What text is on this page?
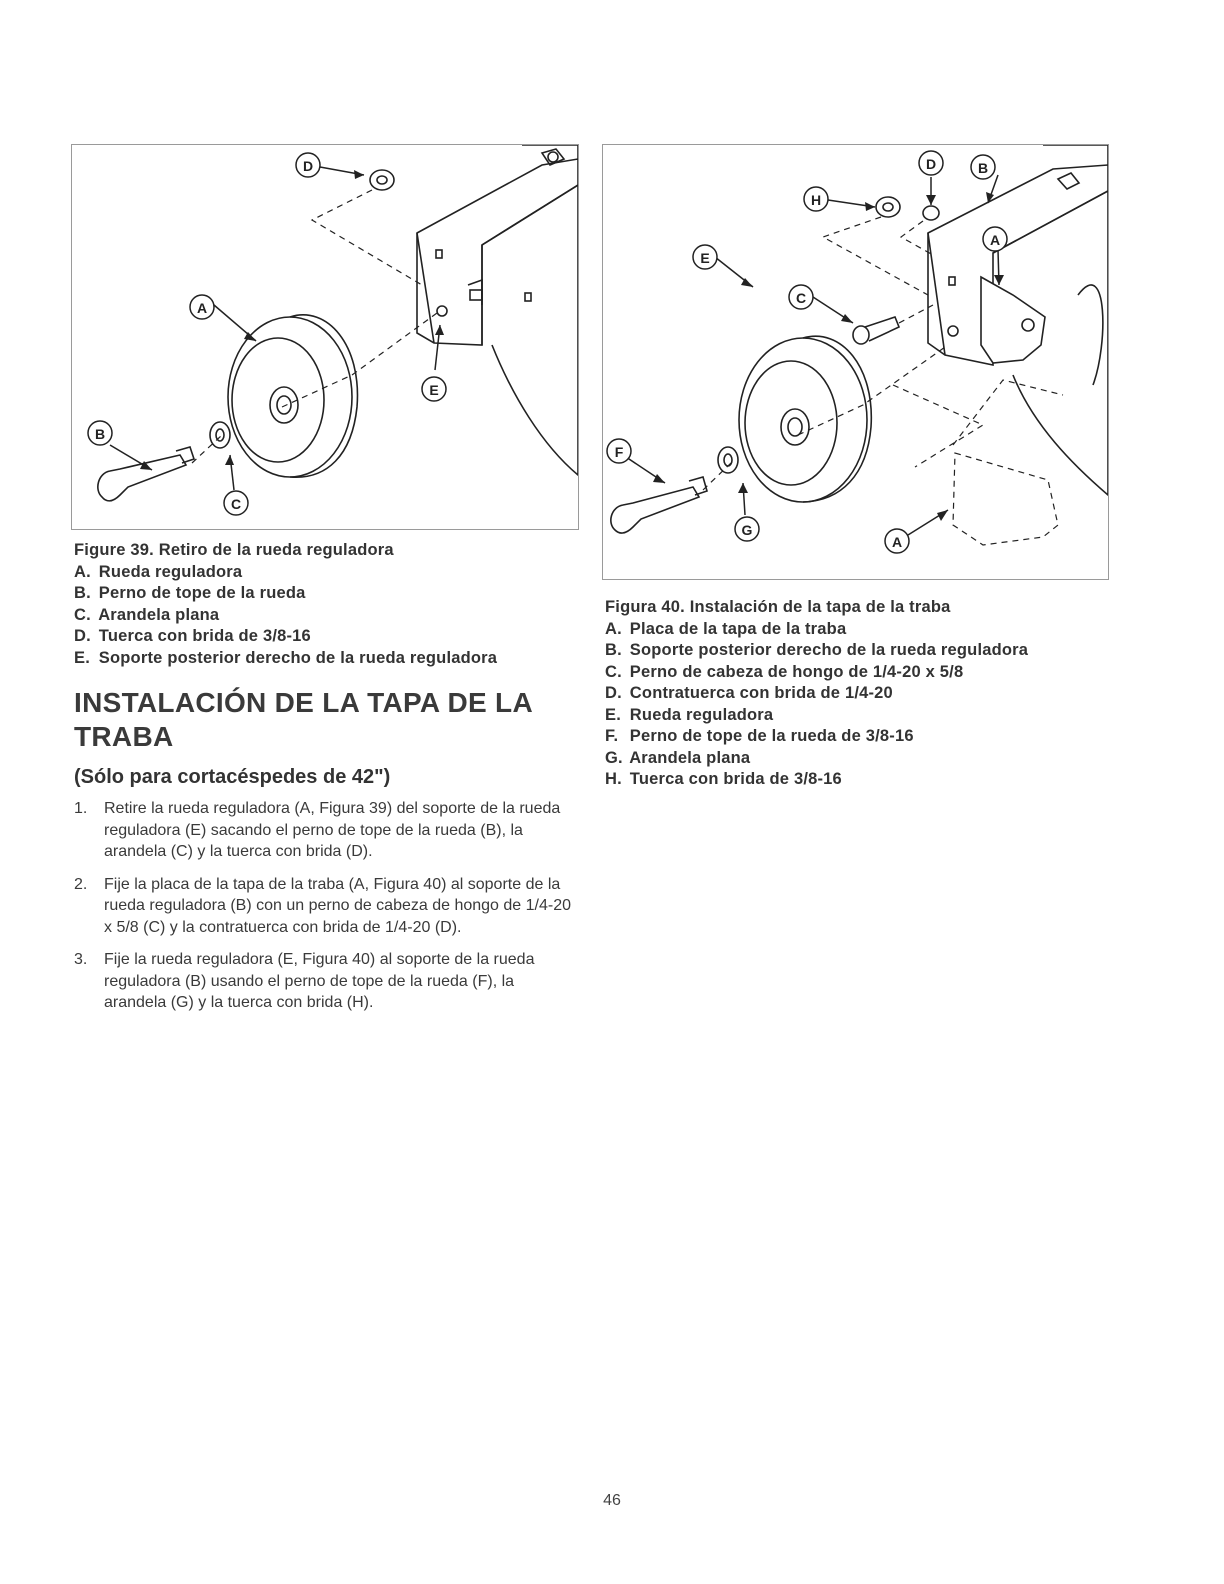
D
A
E
B
C
Figure 39. Retiro de la rueda reguladora
A. Rueda reguladora
B. Perno de tope de la rueda
C. Arandela plana
D. Tuerca con brida de 3/8-16
E. Soporte posterior derecho de la rueda reguladora
INSTALACIÓN DE LA TAPA DE LA
TRABA
(Sólo para cortacéspedes de 42")
1. Retire la rueda reguladora (A, Figura 39) del soporte de la rueda reguladora (E) sacando el perno de tope de la rueda (B), la arandela (C) y la tuerca con brida (D).
2. Fije la placa de la tapa de la traba (A, Figura 40) al soporte de la rueda reguladora (B) con un perno de cabeza de hongo de 1/4-20 x 5/8 (C) y la contratuerca con brida de 1/4-20 (D).
3. Fije la rueda reguladora (E, Figura 40) al soporte de la rueda reguladora (B) usando el perno de tope de la rueda (F), la arandela (G) y la tuerca con brida (H).
D	B
H
A
C
E
F
G
A
Figura 40. Instalación de la tapa de la traba
A. Placa de la tapa de la traba
B. Soporte posterior derecho de la rueda reguladora
C. Perno de cabeza de hongo de 1/4-20 x 5/8
D. Contratuerca con brida de 1/4-20
E. Rueda reguladora
F. Perno de tope de la rueda de 3/8-16
G. Arandela plana
H. Tuerca con brida de 3/8-16
46
